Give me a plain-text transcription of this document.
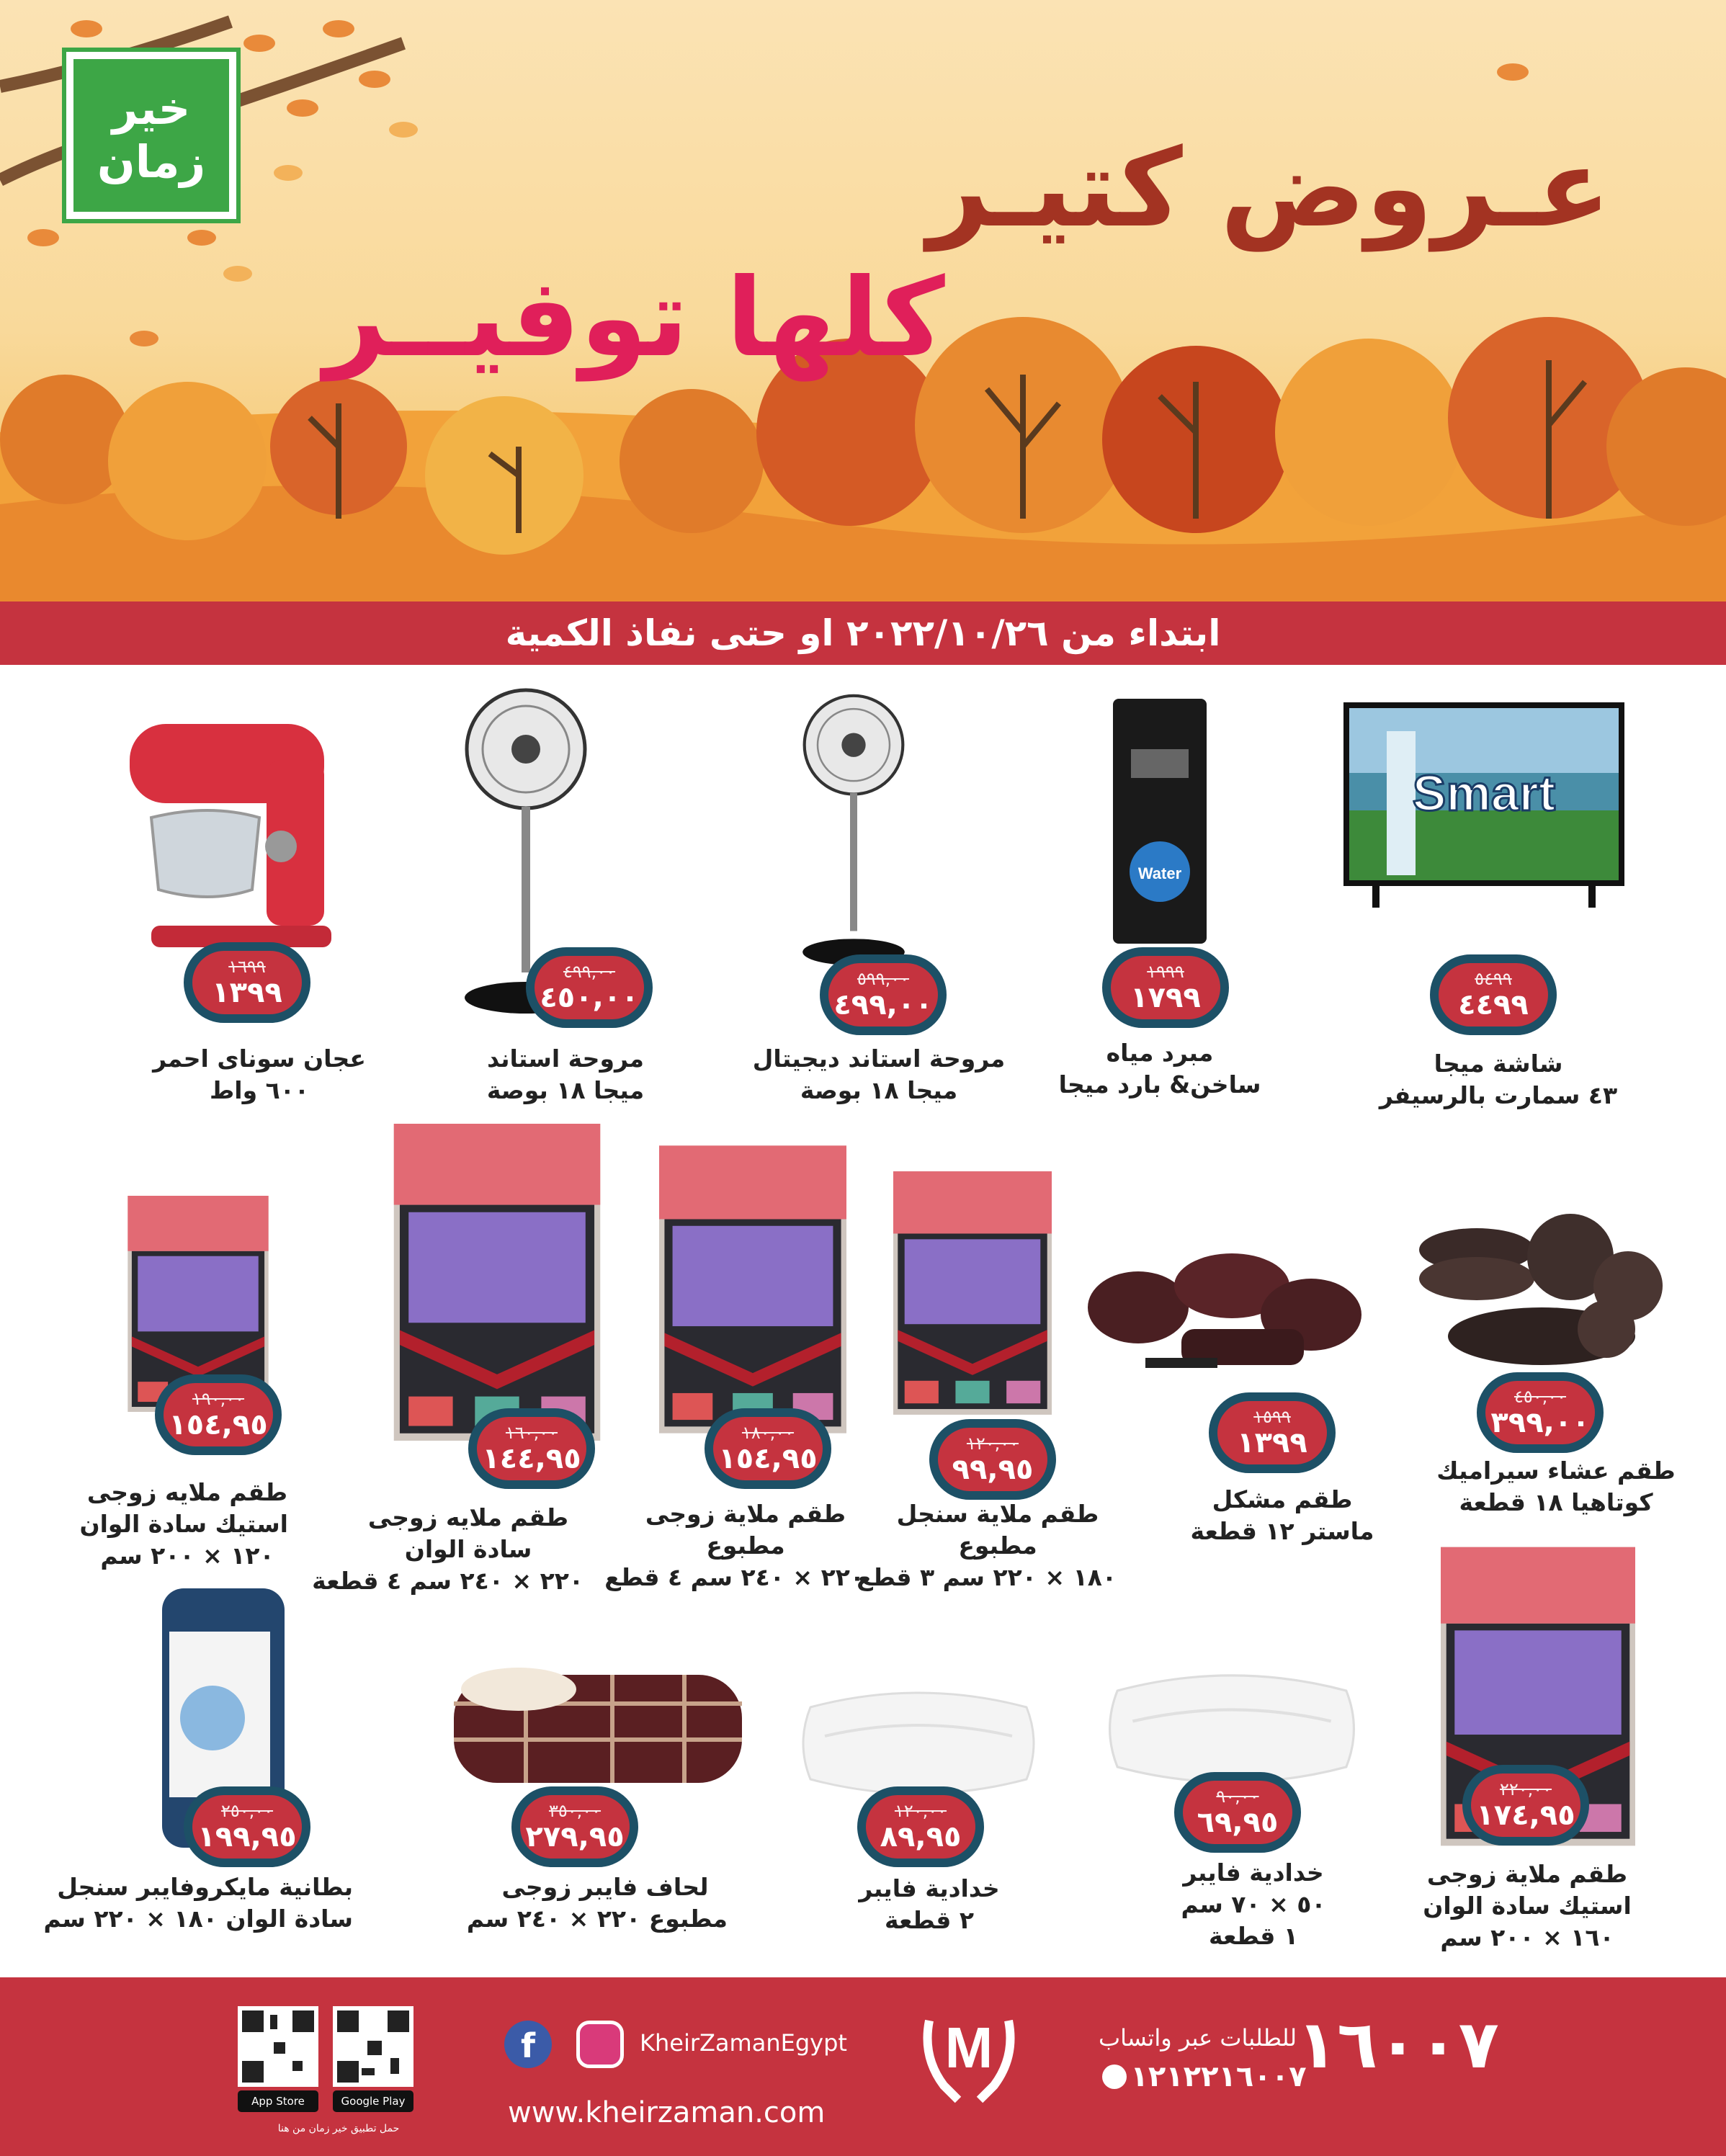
خير
زمان	عـروض كتيـر
كلها توفيــر
ابتداء من ٢٠٢٢/١٠/٢٦ او حتى نفاذ الكمية
Smart
٥٤٩٩
٤٤٩٩
شاشة ميجا
٤٣ سمارت بالرسيفر
Water
١٩٩٩
١٧٩٩
مبرد مياه
ساخن& بارد ميجا
٥٩٩,٠٠
٤٩٩,٠٠
مروحة استاند ديجيتال
ميجا ١٨ بوصة
٤٩٩,٠٠
٤٥٠,٠٠
مروحة استاند
ميجا ١٨ بوصة
١٦٩٩
١٣٩٩
عجان سوناى احمر
٦٠٠ واط
٤٥٠,٠٠
٣٩٩,٠٠
طقم عشاء سيراميك
كوتاهيا ١٨ قطعة
١٥٩٩
١٣٩٩
طقم مشكل
ماستر ١٢ قطعة
١٢٠,٠٠
٩٩,٩٥
طقم ملاية سنجل
مطبوع
١٨٠ × ٢٢٠ سم ٣ قطع
١٨٠,٠٠
١٥٤,٩٥
طقم ملاية زوجى
مطبوع
٢٢٠ × ٢٤٠ سم ٤ قطع
١٦٠,٠٠
١٤٤,٩٥
طقم ملايه زوجى
سادة الوان
٢٢٠ × ٢٤٠ سم ٤ قطعة
١٩٠,٠٠
١٥٤,٩٥
طقم ملايه زوجى
استيك سادة الوان
١٢٠ × ٢٠٠ سم
٢٥٠,٠٠
١٩٩,٩٥
بطانية مايكروفايبر سنجل
سادة الوان ١٨٠ × ٢٢٠ سم
٣٥٠,٠٠
٢٧٩,٩٥
لحاف فايبر زوجى
مطبوع ٢٢٠ × ٢٤٠ سم
١٢٠,٠٠
٨٩,٩٥
خدادية فايبر
٢ قطعة
٩٠,٠٠
٦٩,٩٥
خدادية فايبر
٥٠ × ٧٠ سم
١ قطعة
٢٢٠,٠٠
١٧٤,٩٥
طقم ملاية زوجى
استيك سادة الوان
١٦٠ × ٢٠٠ سم
App Store	Google Play
حمل تطبيق خير زمان من هنا
f	KheirZamanEgypt
www.kheirzaman.com
M	للطلبات عبر واتساب
٠١٢١٢٢١٦٠٠٧
١٦٠٠٧
